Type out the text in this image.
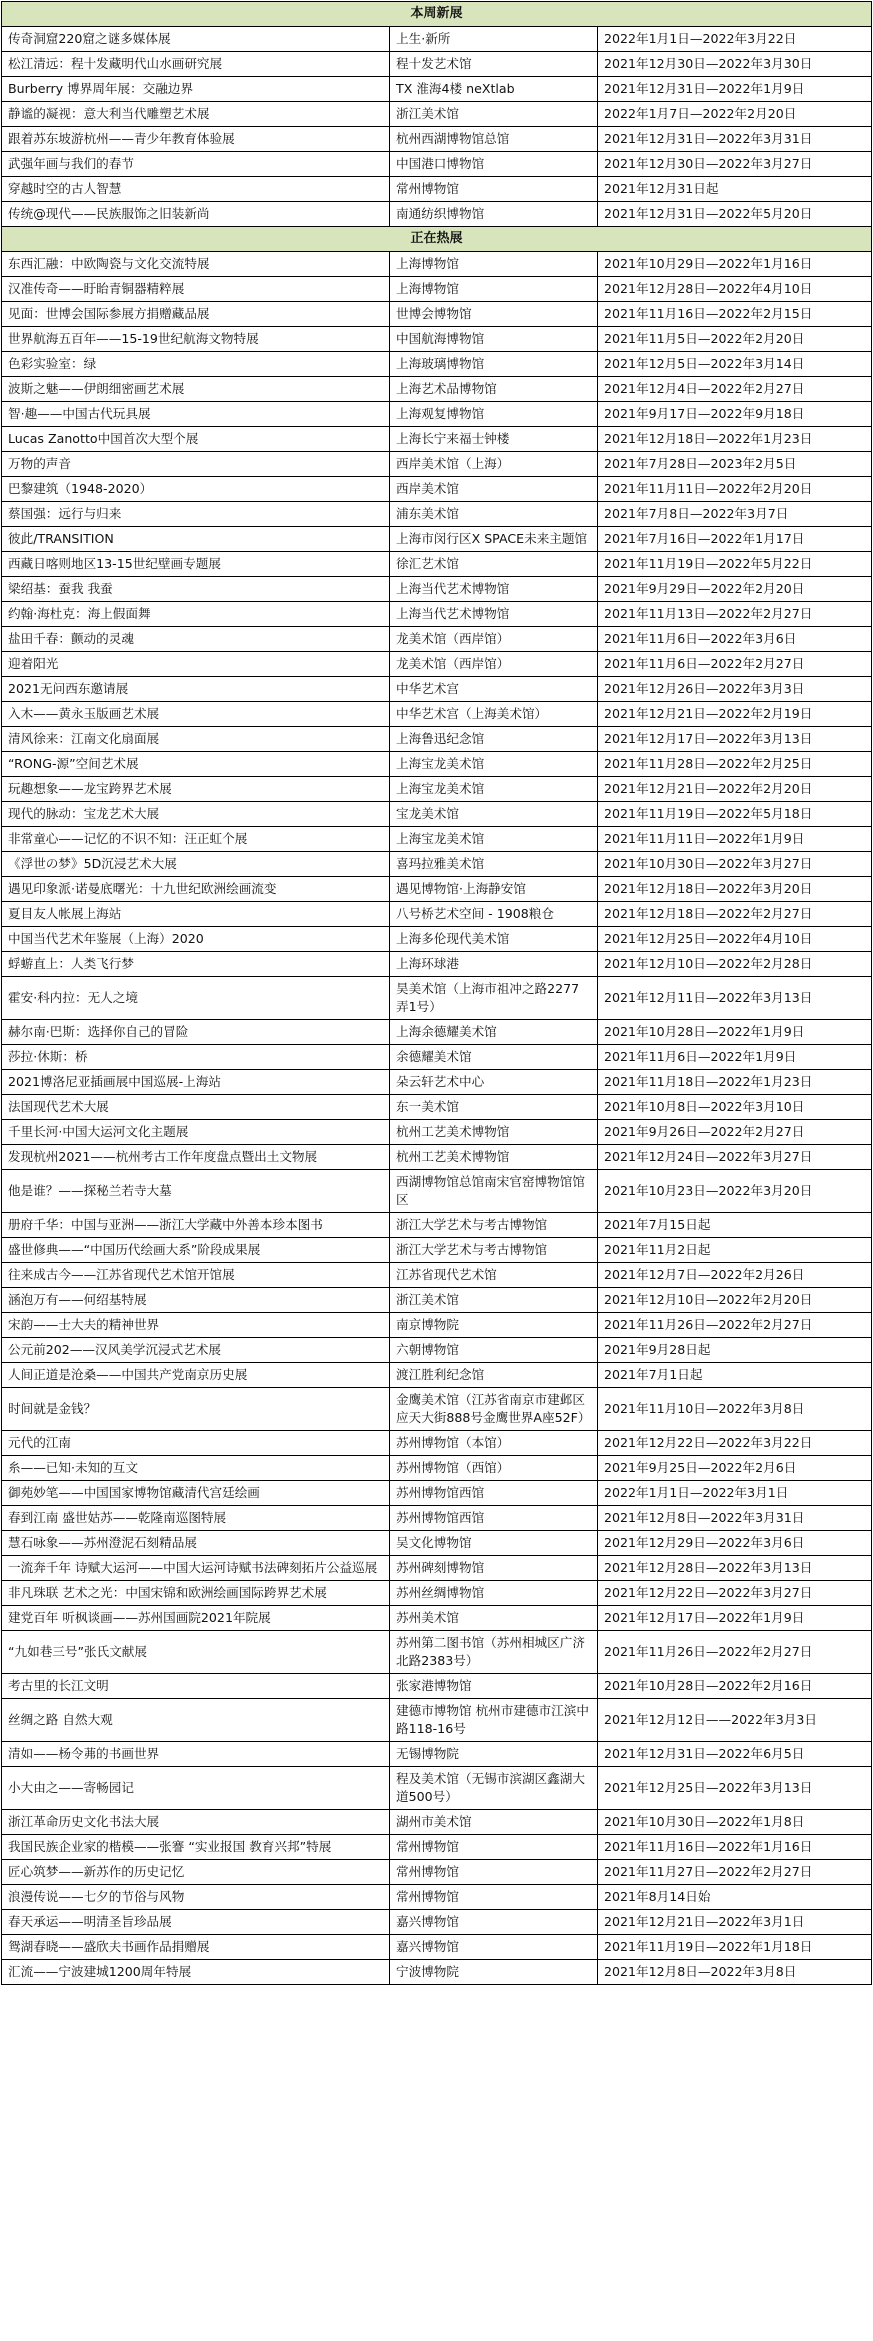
本周新展		
传奇洞窟220窟之谜多媒体展	上生·新所	2022年1月1日—2022年3月22日
松江清远：程十发藏明代山水画研究展	程十发艺术馆	2021年12月30日—2022年3月30日
Burberry 博界周年展：交融边界	TX 淮海4楼 neXtlab	2021年12月31日—2022年1月9日
静谧的凝视：意大利当代雕塑艺术展	浙江美术馆	2022年1月7日—2022年2月20日
跟着苏东坡游杭州——青少年教育体验展	杭州西湖博物馆总馆	2021年12月31日—2022年3月31日
武强年画与我们的春节	中国港口博物馆	2021年12月30日—2022年3月27日
穿越时空的古人智慧	常州博物馆	2021年12月31日起
传统@现代——民族服饰之旧装新尚	南通纺织博物馆	2021年12月31日—2022年5月20日
正在热展		
东西汇融：中欧陶瓷与文化交流特展	上海博物馆	2021年10月29日—2022年1月16日
汉准传奇——盱眙青铜器精粹展	上海博物馆	2021年12月28日—2022年4月10日
见面：世博会国际参展方捐赠藏品展	世博会博物馆	2021年11月16日—2022年2月15日
世界航海五百年——15-19世纪航海文物特展	中国航海博物馆	2021年11月5日—2022年2月20日
色彩实验室：绿	上海玻璃博物馆	2021年12月5日—2022年3月14日
波斯之魅——伊朗细密画艺术展	上海艺术品博物馆	2021年12月4日—2022年2月27日
智·趣——中国古代玩具展	上海观复博物馆	2021年9月17日—2022年9月18日
Lucas Zanotto中国首次大型个展	上海长宁来福士钟楼	2021年12月18日—2022年1月23日
万物的声音	西岸美术馆（上海）	2021年7月28日—2023年2月5日
巴黎建筑（1948-2020）	西岸美术馆	2021年11月11日—2022年2月20日
蔡国强：远行与归来	浦东美术馆	2021年7月8日—2022年3月7日
彼此/TRANSITION	上海市闵行区X SPACE未来主题馆	2021年7月16日—2022年1月17日
西藏日喀则地区13-15世纪壁画专题展	徐汇艺术馆	2021年11月19日—2022年5月22日
梁绍基：蚕我 我蚕	上海当代艺术博物馆	2021年9月29日—2022年2月20日
约翰·海杜克：海上假面舞	上海当代艺术博物馆	2021年11月13日—2022年2月27日
盐田千春：颤动的灵魂	龙美术馆（西岸馆）	2021年11月6日—2022年3月6日
迎着阳光	龙美术馆（西岸馆）	2021年11月6日—2022年2月27日
2021无问西东邀请展	中华艺术宫	2021年12月26日—2022年3月3日
入木——黄永玉版画艺术展	中华艺术宫（上海美术馆）	2021年12月21日—2022年2月19日
清风徐来：江南文化扇面展	上海鲁迅纪念馆	2021年12月17日—2022年3月13日
“RONG-源”空间艺术展	上海宝龙美术馆	2021年11月28日—2022年2月25日
玩趣想象——龙宝跨界艺术展	上海宝龙美术馆	2021年12月21日—2022年2月20日
现代的脉动：宝龙艺术大展	宝龙美术馆	2021年11月19日—2022年5月18日
非常童心——记忆的不识不知：汪正虹个展	上海宝龙美术馆	2021年11月11日—2022年1月9日
《浮世の梦》5D沉浸艺术大展	喜玛拉雅美术馆	2021年10月30日—2022年3月27日
遇见印象派·诺曼底曙光：十九世纪欧洲绘画流变	遇见博物馆·上海静安馆	2021年12月18日—2022年3月20日
夏目友人帐展上海站	八号桥艺术空间 - 1908粮仓	2021年12月18日—2022年2月27日
中国当代艺术年鉴展（上海）2020	上海多伦现代美术馆	2021年12月25日—2022年4月10日
蜉蝣直上：人类飞行梦	上海环球港	2021年12月10日—2022年2月28日
霍安·科内拉：无人之境	昊美术馆（上海市祖冲之路2277弄1号）	2021年12月11日—2022年3月13日
赫尔南·巴斯：选择你自己的冒险	上海余德耀美术馆	2021年10月28日—2022年1月9日
莎拉·休斯：桥	余德耀美术馆	2021年11月6日—2022年1月9日
2021博洛尼亚插画展中国巡展-上海站	朵云轩艺术中心	2021年11月18日—2022年1月23日
法国现代艺术大展	东一美术馆	2021年10月8日—2022年3月10日
千里长河·中国大运河文化主题展	杭州工艺美术博物馆	2021年9月26日—2022年2月27日
发现杭州2021——杭州考古工作年度盘点暨出土文物展	杭州工艺美术博物馆	2021年12月24日—2022年3月27日
他是谁？——探秘兰若寺大墓	西湖博物馆总馆南宋官窑博物馆馆区	2021年10月23日—2022年3月20日
册府千华：中国与亚洲——浙江大学藏中外善本珍本图书	浙江大学艺术与考古博物馆	2021年7月15日起
盛世修典——“中国历代绘画大系”阶段成果展	浙江大学艺术与考古博物馆	2021年11月2日起
往来成古今——江苏省现代艺术馆开馆展	江苏省现代艺术馆	2021年12月7日—2022年2月26日
涵泡万有——何绍基特展	浙江美术馆	2021年12月10日—2022年2月20日
宋韵——士大夫的精神世界	南京博物院	2021年11月26日—2022年2月27日
公元前202——汉风美学沉浸式艺术展	六朝博物馆	2021年9月28日起
人间正道是沧桑——中国共产党南京历史展	渡江胜利纪念馆	2021年7月1日起
时间就是金钱？	金鹰美术馆（江苏省南京市建邺区应天大街888号金鹰世界A座52F）	2021年11月10日—2022年3月8日
元代的江南	苏州博物馆（本馆）	2021年12月22日—2022年3月22日
糸——已知·未知的互文	苏州博物馆（西馆）	2021年9月25日—2022年2月6日
御苑妙笔——中国国家博物馆藏清代宫廷绘画	苏州博物馆西馆	2022年1月1日—2022年3月1日
春到江南 盛世姑苏——乾隆南巡图特展	苏州博物馆西馆	2021年12月8日—2022年3月31日
慧石咏象——苏州澄泥石刻精品展	吴文化博物馆	2021年12月29日—2022年3月6日
一流奔千年 诗赋大运河——中国大运河诗赋书法碑刻拓片公益巡展	苏州碑刻博物馆	2021年12月28日—2022年3月13日
非凡珠联 艺术之光：中国宋锦和欧洲绘画国际跨界艺术展	苏州丝绸博物馆	2021年12月22日—2022年3月27日
建党百年 听枫谈画——苏州国画院2021年院展	苏州美术馆	2021年12月17日—2022年1月9日
“九如巷三号”张氏文献展	苏州第二图书馆（苏州相城区广济北路2383号）	2021年11月26日—2022年2月27日
考古里的长江文明	张家港博物馆	2021年10月28日—2022年2月16日
丝绸之路 自然大观	建德市博物馆 杭州市建德市江滨中路118-16号	2021年12月12日——2022年3月3日
清如——杨令茀的书画世界	无锡博物院	2021年12月31日—2022年6月5日
小大由之——寄畅园记	程及美术馆（无锡市滨湖区鑫湖大道500号）	2021年12月25日—2022年3月13日
浙江革命历史文化书法大展	湖州市美术馆	2021年10月30日—2022年1月8日
我国民族企业家的楷模——张謇 “实业报国 教育兴邦”特展	常州博物馆	2021年11月16日—2022年1月16日
匠心筑梦——新苏作的历史记忆	常州博物馆	2021年11月27日—2022年2月27日
浪漫传说——七夕的节俗与风物	常州博物馆	2021年8月14日始
春天承运——明清圣旨珍品展	嘉兴博物馆	2021年12月21日—2022年3月1日
鸳湖春晓——盛欣夫书画作品捐赠展	嘉兴博物馆	2021年11月19日—2022年1月18日
汇流——宁波建城1200周年特展	宁波博物院	2021年12月8日—2022年3月8日
